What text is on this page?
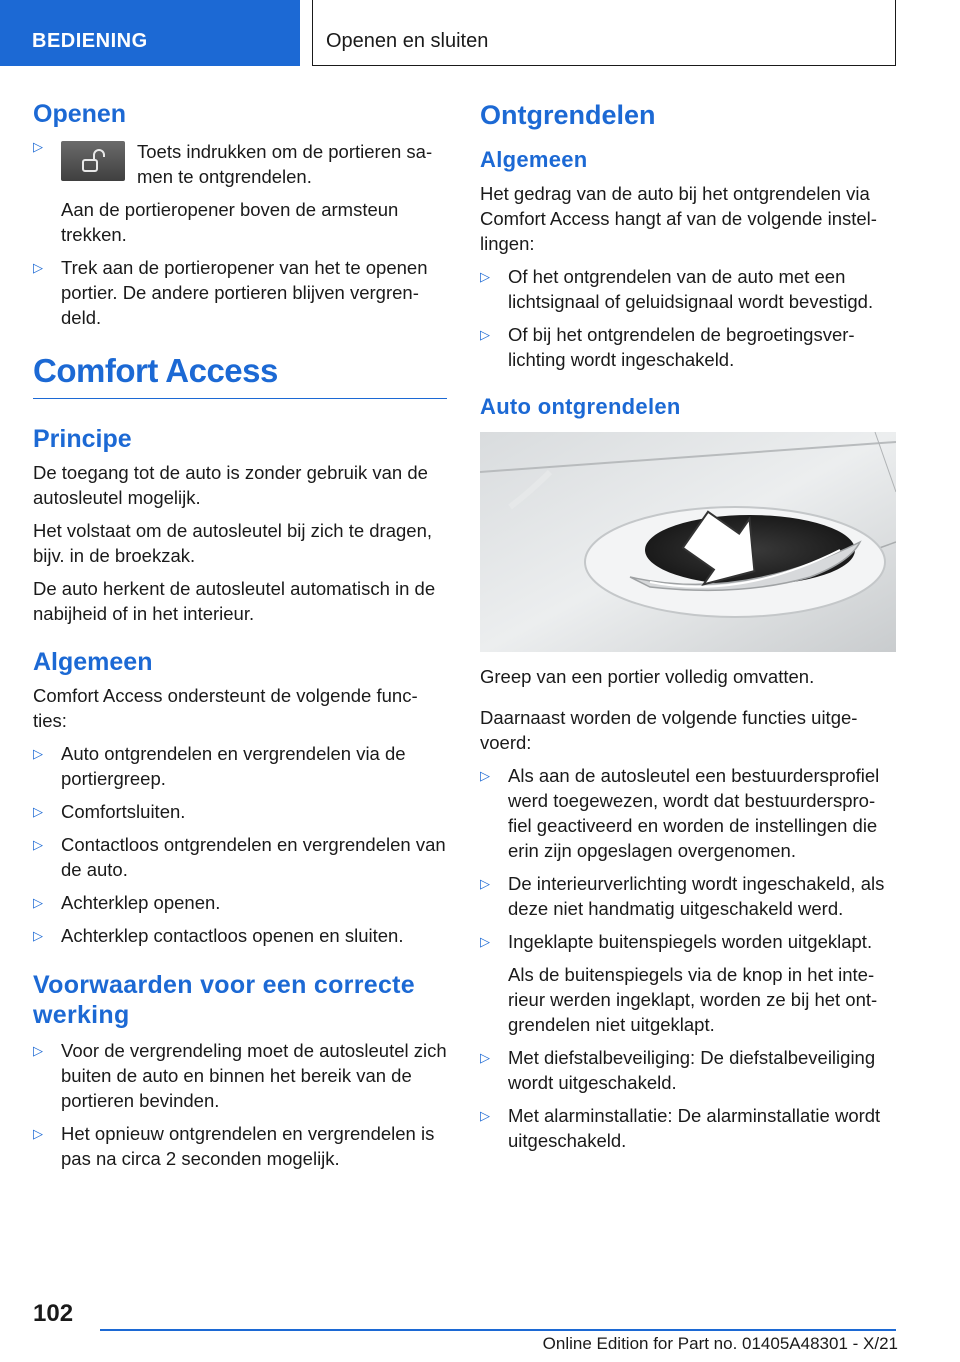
BEDIENING	Openen en sluiten
Openen
▷	Toets indrukken om de portieren sa-men te ontgrendelen.

Aan de portieropener boven de armsteun trekken.

▷ Trek aan de portieropener van het te openen portier. De andere portieren blijven vergren-deld.
Comfort Access
Principe

De toegang tot de auto is zonder gebruik van de autosleutel mogelijk.

Het volstaat om de autosleutel bij zich te dragen, bijv. in de broekzak.

De auto herkent de autosleutel automatisch in de nabijheid of in het interieur.

Algemeen

Comfort Access ondersteunt de volgende func-ties:

▷ Auto ontgrendelen en vergrendelen via de portiergreep.
▷ Comfortsluiten.
▷ Contactloos ontgrendelen en vergrendelen van de auto.
▷ Achterklep openen.
▷ Achterklep contactloos openen en sluiten.
Voorwaarden voor een correcte werking
▷ Voor de vergrendeling moet de autosleutel zich buiten de auto en binnen het bereik van de portieren bevinden.
▷ Het opnieuw ontgrendelen en vergrendelen is pas na circa 2 seconden mogelijk.
Ontgrendelen
Algemeen

Het gedrag van de auto bij het ontgrendelen via Comfort Access hangt af van de volgende instel-lingen:

▷ Of het ontgrendelen van de auto met een lichtsignaal of geluidsignaal wordt bevestigd.
▷ Of bij het ontgrendelen de begroetingsver-lichting wordt ingeschakeld.
Auto ontgrendelen

Greep van een portier volledig omvatten.

Daarnaast worden de volgende functies uitge-voerd:

▷ Als aan de autosleutel een bestuurdersprofiel werd toegewezen, wordt dat bestuurderspro-fiel geactiveerd en worden de instellingen die erin zijn opgeslagen overgenomen.
▷ De interieurverlichting wordt ingeschakeld, als deze niet handmatig uitgeschakeld werd.
▷ Ingeklapte buitenspiegels worden uitgeklapt.

Als de buitenspiegels via de knop in het inte-rieur werden ingeklapt, worden ze bij het ont-grendelen niet uitgeklapt.

▷ Met diefstalbeveiliging: De diefstalbeveiliging wordt uitgeschakeld.
▷ Met alarminstallatie: De alarminstallatie wordt uitgeschakeld.
102
Online Edition for Part no. 01405A48301 - X/21
